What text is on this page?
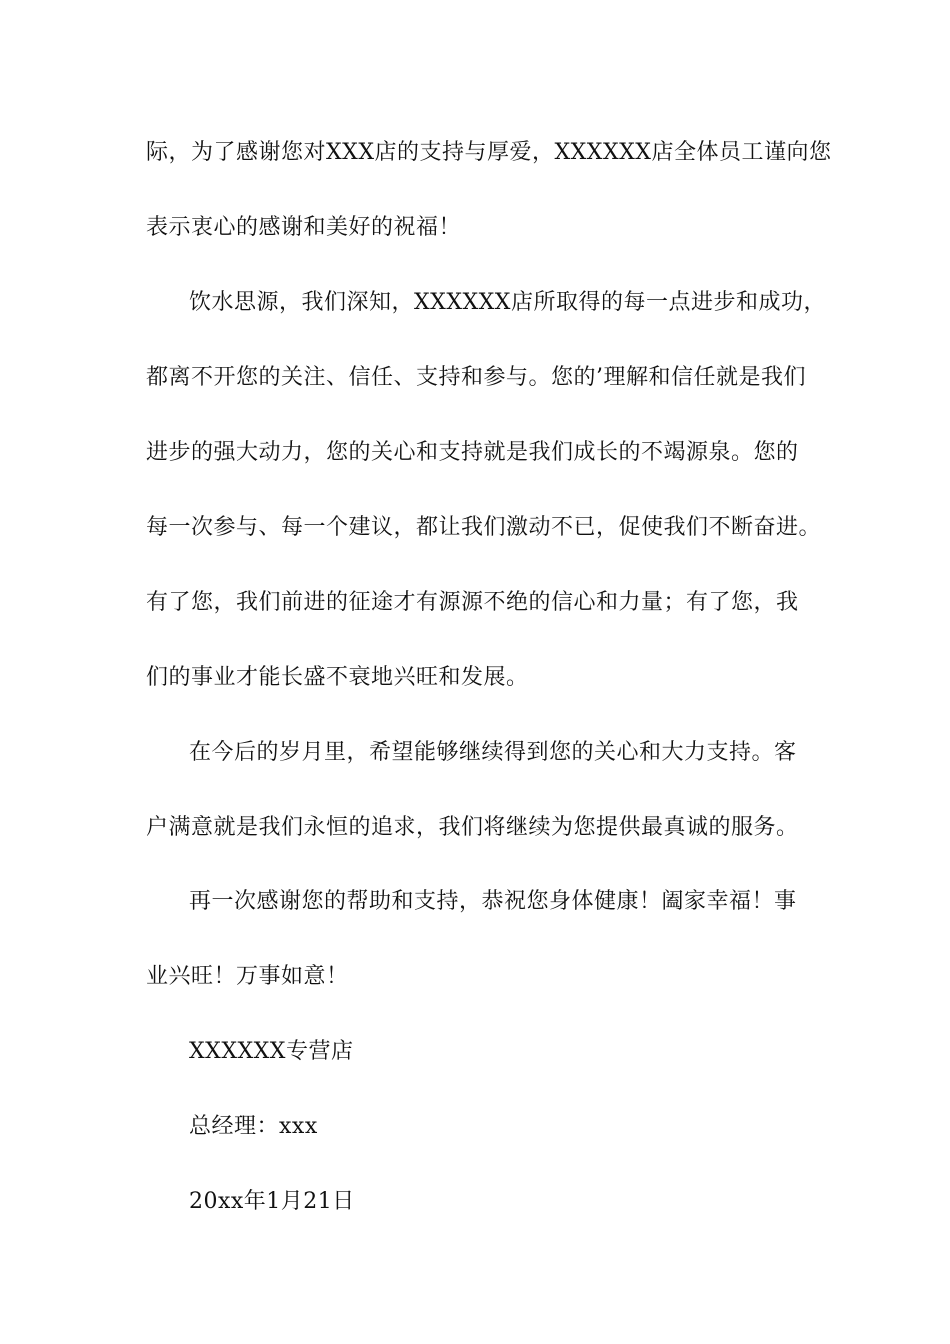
际，为了感谢您对XXX店的支持与厚爱，XXXXXX店全体员工谨向您
表示衷心的感谢和美好的祝福！
饮水思源，我们深知，XXXXXX店所取得的每一点进步和成功，
都离不开您的关注、信任、支持和参与。您的’理解和信任就是我们
进步的强大动力，您的关心和支持就是我们成长的不竭源泉。您的
每一次参与、每一个建议，都让我们激动不已，促使我们不断奋进。
有了您，我们前进的征途才有源源不绝的信心和力量；有了您，我
们的事业才能长盛不衰地兴旺和发展。
在今后的岁月里，希望能够继续得到您的关心和大力支持。客
户满意就是我们永恒的追求，我们将继续为您提供最真诚的服务。
再一次感谢您的帮助和支持，恭祝您身体健康！阖家幸福！事
业兴旺！万事如意！
XXXXXX专营店
总经理：xxx
20xx年1月21日
